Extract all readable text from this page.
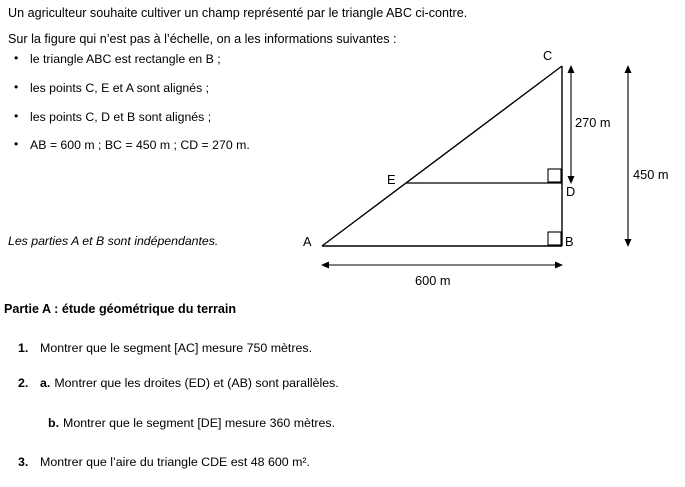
Un agriculteur souhaite cultiver un champ représenté par le triangle ABC ci-contre.
Sur la figure qui n’est pas à l’échelle, on a les informations suivantes :
• le triangle ABC est rectangle en B ;
• les points C, E et A sont alignés ;
• les points C, D et B sont alignés ;
• AB = 600 m ; BC = 450 m ; CD = 270 m.
Les parties A et B sont indépendantes.
Partie A : étude géométrique du terrain
1. Montrer que le segment [AC] mesure 750 mètres.
2. a. Montrer que les droites (ED) et (AB) sont parallèles.
b. Montrer que le segment [DE] mesure 360 mètres.
3. Montrer que l’aire du triangle CDE est 48 600 m².
C
A	B
D
E
270 m
450 m
600 m
